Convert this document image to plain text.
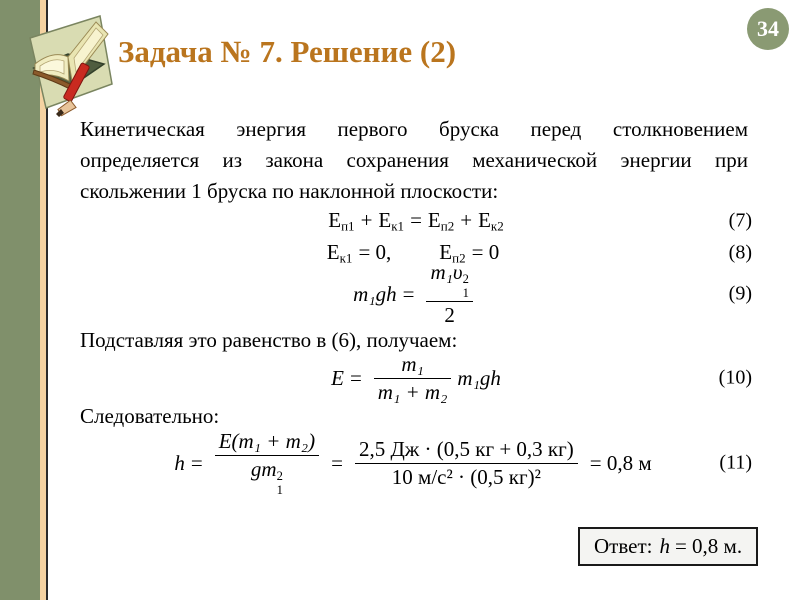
34
Задача № 7. Решение (2)
Кинетическая энергия первого бруска перед столкновением
определяется из закона сохранения механической энергии при
скольжении 1 бруска по наклонной плоскости:
$E_{п1} + E_{к1} = E_{п2} + E_{к2}$	(7)
$E_{к1} = 0$, $E_{п2} = 0$	(8)
m₁gh = m₁υ 2
1
2	(9)
Подставляя это равенство в (6), получаем:
$E = \frac{\text{m₁}}{\text{m₁ + m₂}} m_1gh$	(10)
Следовательно:
h = E(m₁ + m₂)
gm 2
$1 = \frac{2,5 Дж \cdot (0,5 кг + 0,3 кг)}{\text{10 м/с² · (0,5 кг)²}} = 0,8$ м	(11)
Ответ: h = 0,8 м.
